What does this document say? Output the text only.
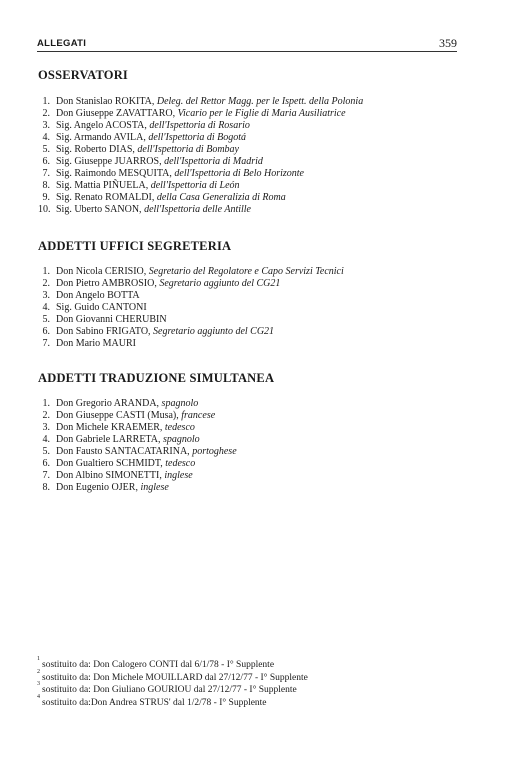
ALLEGATI	359
OSSERVATORI
1. Don Stanislao ROKITA, Deleg. del Rettor Magg. per le Ispett. della Polonia
2. Don Giuseppe ZAVATTARO, Vicario per le Figlie di Maria Ausiliatrice
3. Sig. Angelo ACOSTA, dell'Ispettoria di Rosario
4. Sig. Armando AVILA, dell'Ispettoria di Bogotá
5. Sig. Roberto DIAS, dell'Ispettoria di Bombay
6. Sig. Giuseppe JUARROS, dell'Ispettoria di Madrid
7. Sig. Raimondo MESQUITA, dell'Ispettoria di Belo Horizonte
8. Sig. Mattia PIÑUELA, dell'Ispettoria di León
9. Sig. Renato ROMALDI, della Casa Generalizia di Roma
10. Sig. Uberto SANON, dell'Ispettoria delle Antille
ADDETTI UFFICI SEGRETERIA
1. Don Nicola CERISIO, Segretario del Regolatore e Capo Servizi Tecnici
2. Don Pietro AMBROSIO, Segretario aggiunto del CG21
3. Don Angelo BOTTA
4. Sig. Guido CANTONI
5. Don Giovanni CHERUBIN
6. Don Sabino FRIGATO, Segretario aggiunto del CG21
7. Don Mario MAURI
ADDETTI TRADUZIONE SIMULTANEA
1. Don Gregorio ARANDA, spagnolo
2. Don Giuseppe CASTI (Musa), francese
3. Don Michele KRAEMER, tedesco
4. Don Gabriele LARRETA, spagnolo
5. Don Fausto SANTACATARINA, portoghese
6. Don Gualtiero SCHMIDT, tedesco
7. Don Albino SIMONETTI, inglese
8. Don Eugenio OJER, inglese
$^1$sostituito da: Don Calogero CONTI dal 6/1/78 - I° Supplente
$^2$sostituito da: Don Michele MOUILLARD dal 27/12/77 - I° Supplente
$^3$sostituito da: Don Giuliano GOURIOU dal 27/12/77 - I° Supplente
$^4$sostituito da:Don Andrea STRUS' dal 1/2/78 - I° Supplente
